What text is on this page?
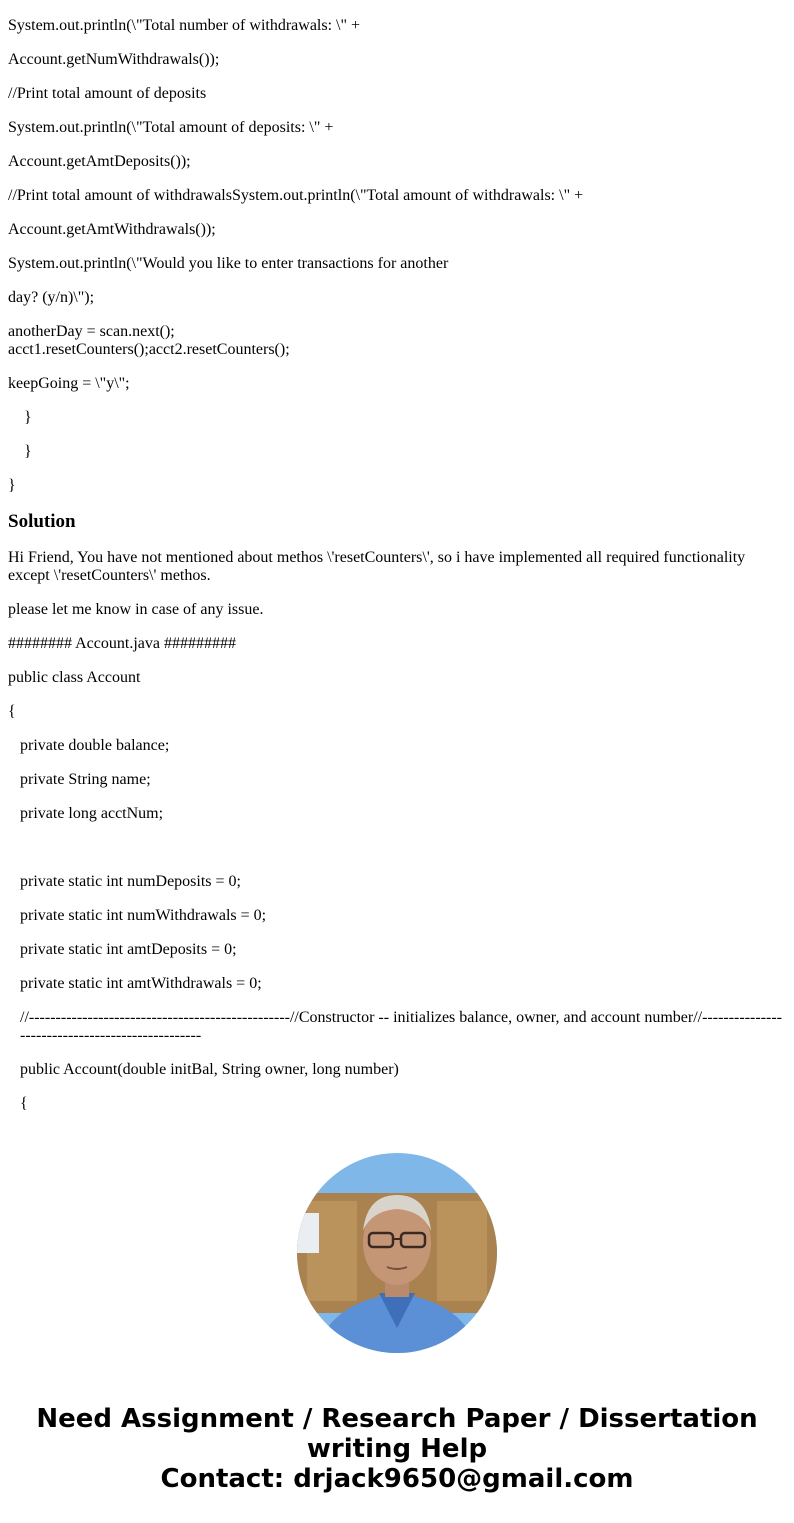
System.out.println(\"Total number of withdrawals: \" +
Account.getNumWithdrawals());
//Print total amount of deposits
System.out.println(\"Total amount of deposits: \" +
Account.getAmtDeposits());
//Print total amount of withdrawalsSystem.out.println(\"Total amount of withdrawals: \" +
Account.getAmtWithdrawals());
System.out.println(\"Would you like to enter transactions for another
day? (y/n)\");
anotherDay = scan.next();
acct1.resetCounters();acct2.resetCounters();
keepGoing = \"y\";
}
}
}
Solution
Hi Friend, You have not mentioned about methos \'resetCounters\', so i have implemented all required functionality except \'resetCounters\' methos.
please let me know in case of any issue.
######## Account.java #########
public class Account
{
private double balance;
private String name;
private long acctNum;
private static int numDeposits = 0;
private static int numWithdrawals = 0;
private static int amtDeposits = 0;
private static int amtWithdrawals = 0;
//-------------------------------------------------//Constructor -- initializes balance, owner, and account number//-------------------------------------------------
public Account(double initBal, String owner, long number)
{
Need Assignment / Research Paper / Dissertation
writing Help
Contact: drjack9650@gmail.com
